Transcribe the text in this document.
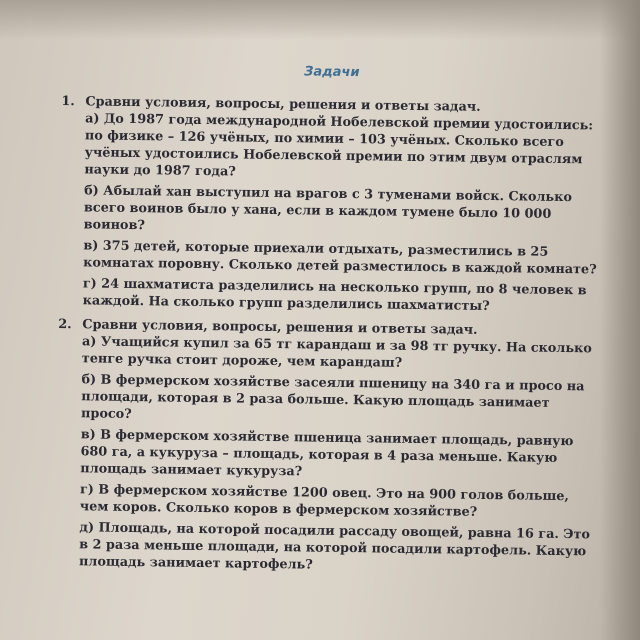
Задачи
1. Сравни условия, вопросы, решения и ответы задач.
а) До 1987 года международной Нобелевской премии удостоились: по физике – 126 учёных, по химии – 103 учёных. Сколько всего учёных удостоились Нобелевской премии по этим двум отраслям науки до 1987 года?
б) Абылай хан выступил на врагов с 3 туменами войск. Сколько всего воинов было у хана, если в каждом тумене было 10 000 воинов?
в) 375 детей, которые приехали отдыхать, разместились в 25 комнатах поровну. Сколько детей разместилось в каждой комнате?
г) 24 шахматиста разделились на несколько групп, по 8 человек в каждой. На сколько групп разделились шахматисты?
2. Сравни условия, вопросы, решения и ответы задач.
а) Учащийся купил за 65 тг карандаш и за 98 тг ручку. На сколько тенге ручка стоит дороже, чем карандаш?
б) В фермерском хозяйстве засеяли пшеницу на 340 га и просо на площади, которая в 2 раза больше. Какую площадь занимает просо?
в) В фермерском хозяйстве пшеница занимает площадь, равную 680 га, а кукуруза – площадь, которая в 4 раза меньше. Какую площадь занимает кукуруза?
г) В фермерском хозяйстве 1200 овец. Это на 900 голов больше, чем коров. Сколько коров в фермерском хозяйстве?
д) Площадь, на которой посадили рассаду овощей, равна 16 га. Это в 2 раза меньше площади, на которой посадили картофель. Какую площадь занимает картофель?
